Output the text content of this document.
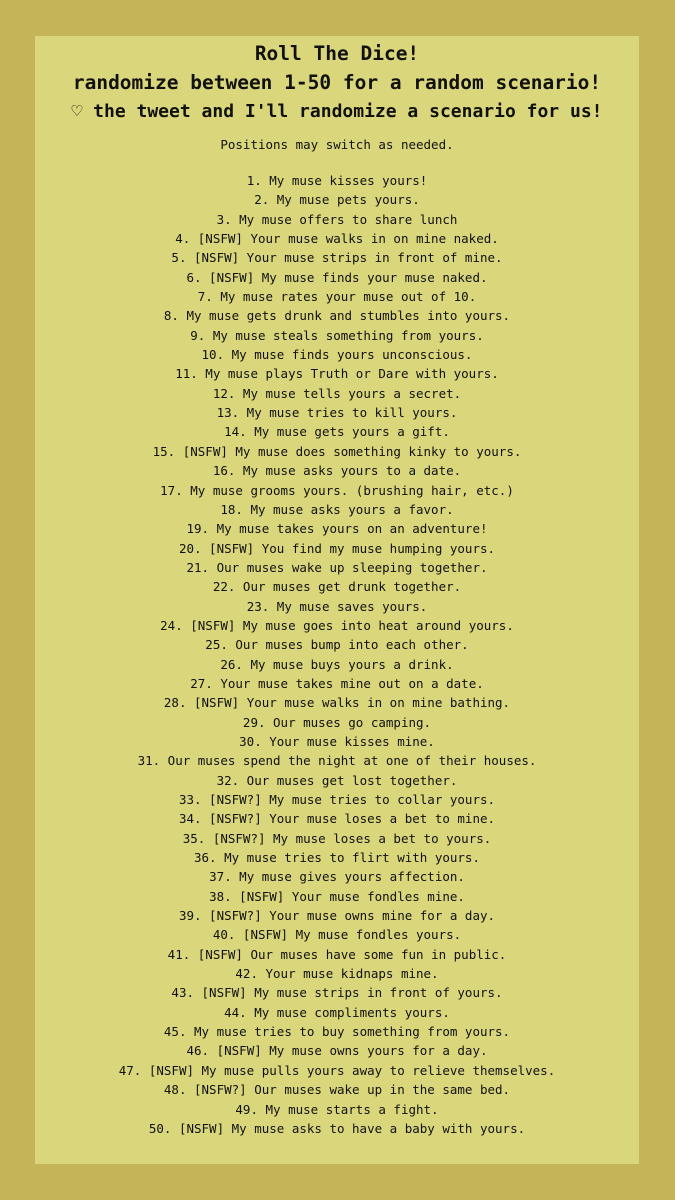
Roll The Dice!
randomize between 1-50 for a random scenario!
♡ the tweet and I'll randomize a scenario for us!

Positions may switch as needed.

1. My muse kisses yours!
2. My muse pets yours.
3. My muse offers to share lunch
4. [NSFW] Your muse walks in on mine naked.
5. [NSFW] Your muse strips in front of mine.
6. [NSFW] My muse finds your muse naked.
7. My muse rates your muse out of 10.
8. My muse gets drunk and stumbles into yours.
9. My muse steals something from yours.
10. My muse finds yours unconscious.
11. My muse plays Truth or Dare with yours.
12. My muse tells yours a secret.
13. My muse tries to kill yours.
14. My muse gets yours a gift.
15. [NSFW] My muse does something kinky to yours.
16. My muse asks yours to a date.
17. My muse grooms yours. (brushing hair, etc.)
18. My muse asks yours a favor.
19. My muse takes yours on an adventure!
20. [NSFW] You find my muse humping yours.
21. Our muses wake up sleeping together.
22. Our muses get drunk together.
23. My muse saves yours.
24. [NSFW] My muse goes into heat around yours.
25. Our muses bump into each other.
26. My muse buys yours a drink.
27. Your muse takes mine out on a date.
28. [NSFW] Your muse walks in on mine bathing.
29. Our muses go camping.
30. Your muse kisses mine.
31. Our muses spend the night at one of their houses.
32. Our muses get lost together.
33. [NSFW?] My muse tries to collar yours.
34. [NSFW?] Your muse loses a bet to mine.
35. [NSFW?] My muse loses a bet to yours.
36. My muse tries to flirt with yours.
37. My muse gives yours affection.
38. [NSFW] Your muse fondles mine.
39. [NSFW?] Your muse owns mine for a day.
40. [NSFW] My muse fondles yours.
41. [NSFW] Our muses have some fun in public.
42. Your muse kidnaps mine.
43. [NSFW] My muse strips in front of yours.
44. My muse compliments yours.
45. My muse tries to buy something from yours.
46. [NSFW] My muse owns yours for a day.
47. [NSFW] My muse pulls yours away to relieve themselves.
48. [NSFW?] Our muses wake up in the same bed.
49. My muse starts a fight.
50. [NSFW] My muse asks to have a baby with yours.
